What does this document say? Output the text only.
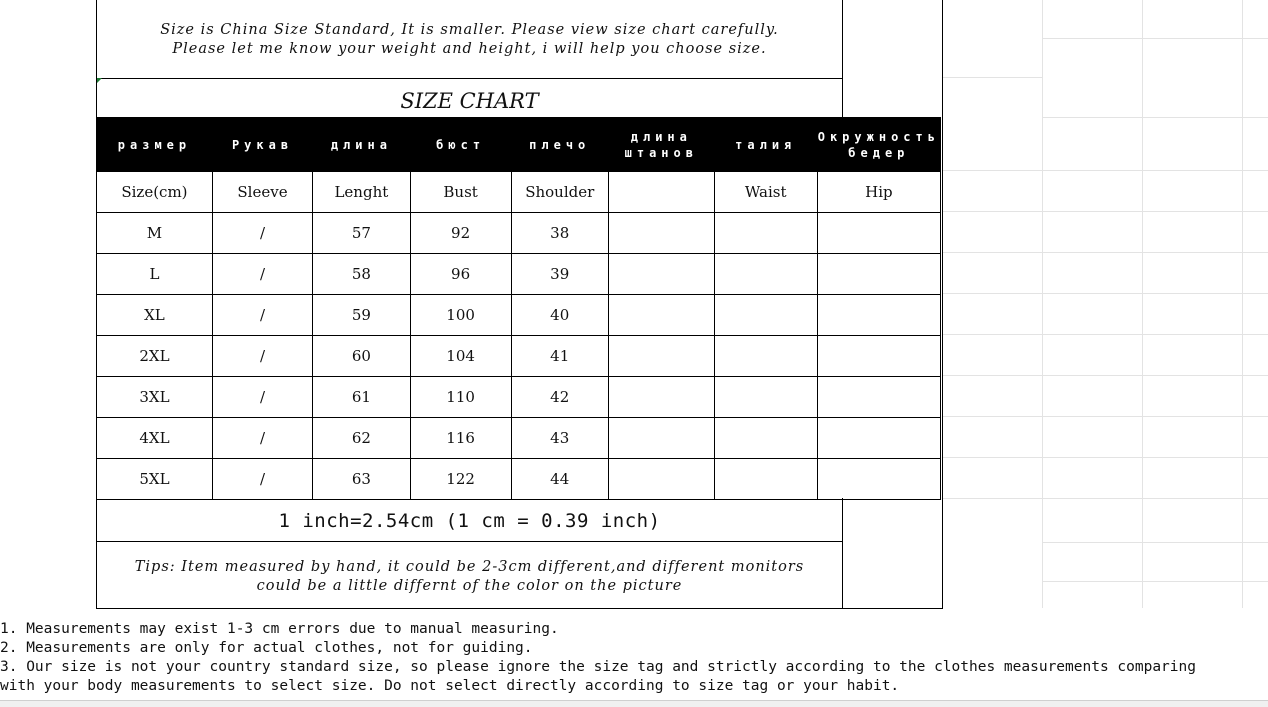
Size is China Size Standard, It is smaller. Please view size chart carefully.
Please let me know your weight and height, i will help you choose size.
SIZE CHART
размер	Рукав	длина	бюст	плечо	длина штанов	талия	Окружность бедер
Size(cm)	Sleeve	Lenght	Bust	Shoulder		Waist	Hip
M	/	57	92	38			
L	/	58	96	39			
XL	/	59	100	40			
2XL	/	60	104	41			
3XL	/	61	110	42			
4XL	/	62	116	43			
5XL	/	63	122	44			
1 inch=2.54cm (1 cm = 0.39 inch)
Tips: Item measured by hand, it could be 2-3cm different,and different monitors
could be a little differnt of the color on the picture
1. Measurements may exist 1-3 cm errors due to manual measuring.
2. Measurements are only for actual clothes, not for guiding.
3. Our size is not your country standard size, so please ignore the size tag and strictly according to the clothes measurements comparing
with your body measurements to select size. Do not select directly according to size tag or your habit.
